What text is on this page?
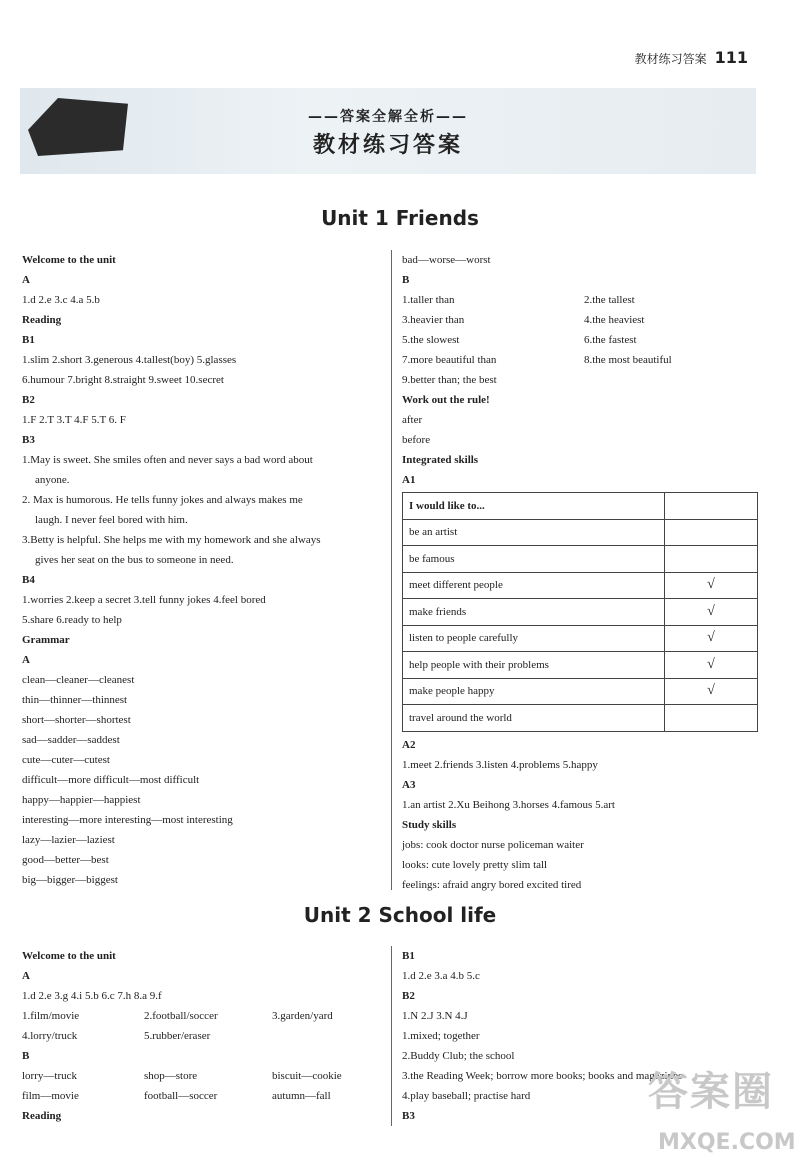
教材练习答案 111
——答案全解全析——
教材练习答案
Unit 1 Friends
Welcome to the unit
A
1.d 2.e 3.c 4.a 5.b
Reading
B1
1.slim 2.short 3.generous 4.tallest(boy) 5.glasses
6.humour 7.bright 8.straight 9.sweet 10.secret
B2
1.F 2.T 3.T 4.F 5.T 6. F
B3
1.May is sweet. She smiles often and never says a bad word about
anyone.
2. Max is humorous. He tells funny jokes and always makes me
laugh. I never feel bored with him.
3.Betty is helpful. She helps me with my homework and she always
gives her seat on the bus to someone in need.
B4
1.worries 2.keep a secret 3.tell funny jokes 4.feel bored
5.share 6.ready to help
Grammar
A
clean—cleaner—cleanest
thin—thinner—thinnest
short—shorter—shortest
sad—sadder—saddest
cute—cuter—cutest
difficult—more difficult—most difficult
happy—happier—happiest
interesting—more interesting—most interesting
lazy—lazier—laziest
good—better—best
big—bigger—biggest
bad—worse—worst
B
1.taller than	2.the tallest
3.heavier than	4.the heaviest
5.the slowest	6.the fastest
7.more beautiful than	8.the most beautiful
9.better than; the best
Work out the rule!
after
before
Integrated skills
A1
I would like to...	
be an artist	
be famous	
meet different people	√
make friends	√
listen to people carefully	√
help people with their problems	√
make people happy	√
travel around the world	
A2
1.meet 2.friends 3.listen 4.problems 5.happy
A3
1.an artist 2.Xu Beihong 3.horses 4.famous 5.art
Study skills
jobs: cook doctor nurse policeman waiter
looks: cute lovely pretty slim tall
feelings: afraid angry bored excited tired
Unit 2 School life
Welcome to the unit
A
1.d 2.e 3.g 4.i 5.b 6.c 7.h 8.a 9.f
1.film/movie	2.football/soccer	3.garden/yard
4.lorry/truck	5.rubber/eraser
B
lorry—truck	shop—store	biscuit—cookie
film—movie	football—soccer	autumn—fall
Reading
B1
1.d 2.e 3.a 4.b 5.c
B2
1.N 2.J 3.N 4.J
1.mixed; together
2.Buddy Club; the school
3.the Reading Week; borrow more books; books and magazines
4.play baseball; practise hard
B3
答案圈
MXQE.COM
